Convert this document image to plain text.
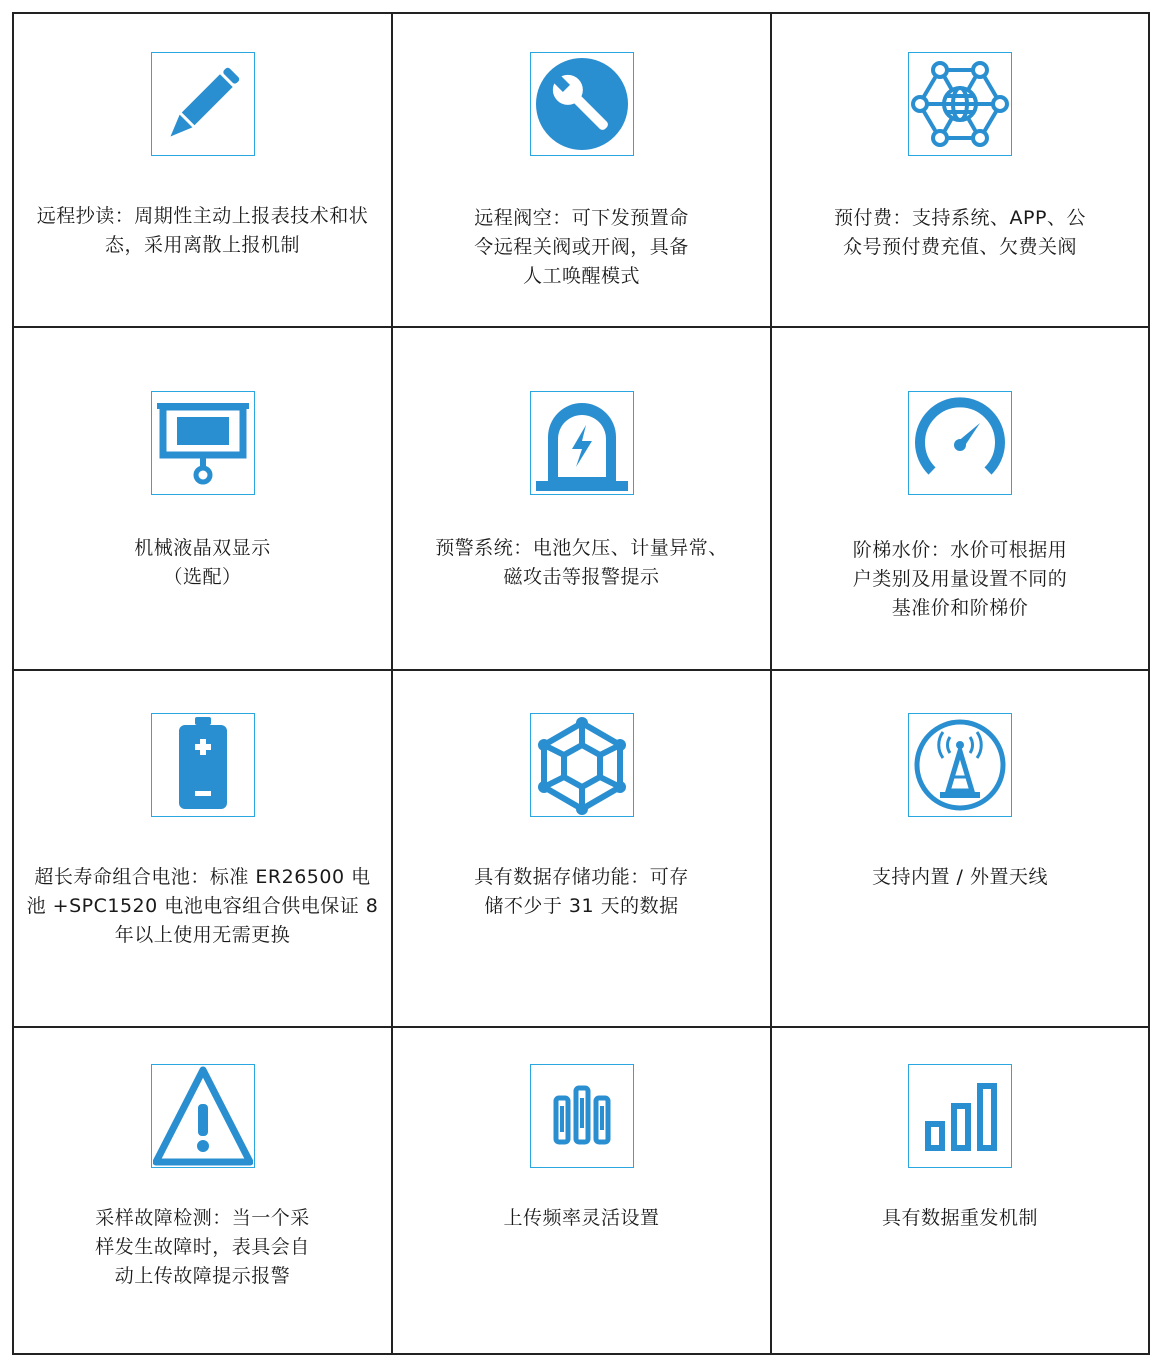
远程抄读：周期性主动上报表技术和状
态，采用离散上报机制
远程阀空：可下发预置命
令远程关阀或开阀，具备
人工唤醒模式
预付费：支持系统、APP、公
众号预付费充值、欠费关阀
机械液晶双显示
（选配）
预警系统：电池欠压、计量异常、
磁攻击等报警提示
阶梯水价：水价可根据用
户类别及用量设置不同的
基准价和阶梯价
超长寿命组合电池：标准 ER26500 电
池 +SPC1520 电池电容组合供电保证 8
年以上使用无需更换
具有数据存储功能：可存
储不少于 31 天的数据
支持内置 / 外置天线
采样故障检测：当一个采
样发生故障时，表具会自
动上传故障提示报警
上传频率灵活设置	具有数据重发机制
